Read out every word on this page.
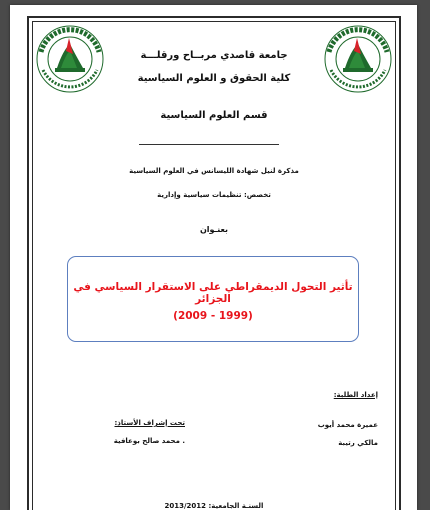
جامعة قاصدي مربــاح ورقلـــة
كلية الحقوق و العلوم السياسية
قسم العلوم السياسية
مذكرة لنيل شهادة الليسانس في العلوم السياسية
تخصص: تنظيمات سياسية وإدارية
بعنـوان
تأثير التحول الديمقراطي على الاستقرار السياسي في الجزائر
(2009 - 1999)
إعداد الطلبة:
عميرة محمد أيوب
مالكي رتيبة
تحت إشراف الأستاذ:
. محمد صالح بوعافية
السنـة الجامعية: 2013/2012
